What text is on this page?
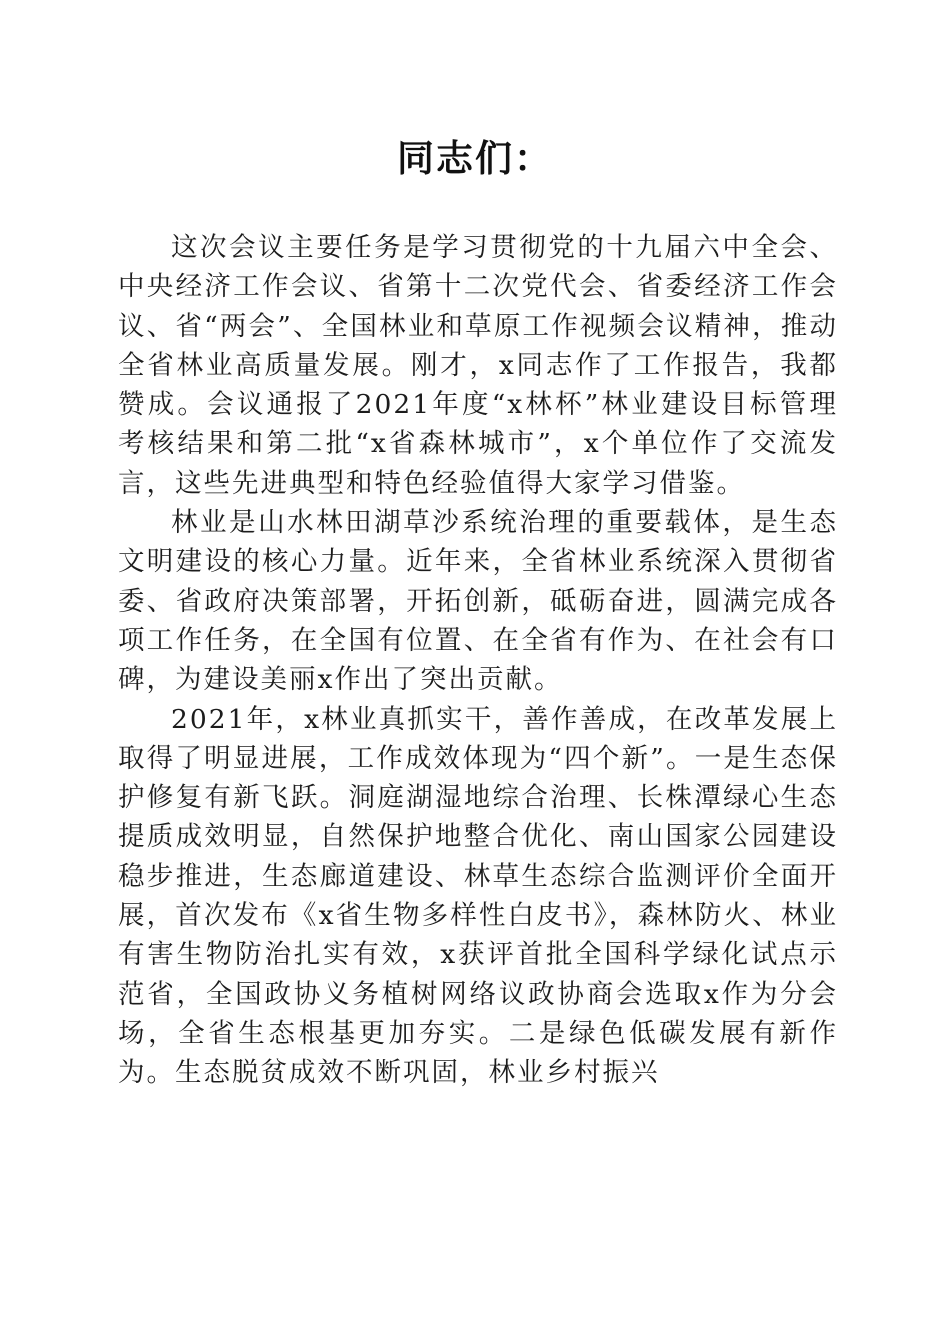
同志们：

这次会议主要任务是学习贯彻党的十九届六中全会、中央经济工作会议、省第十二次党代会、省委经济工作会议、省“两会”、全国林业和草原工作视频会议精神，推动全省林业高质量发展。刚才，x同志作了工作报告，我都赞成。会议通报了2021年度“x林杯”林业建设目标管理考核结果和第二批“x省森林城市”，x个单位作了交流发言，这些先进典型和特色经验值得大家学习借鉴。

林业是山水林田湖草沙系统治理的重要载体，是生态文明建设的核心力量。近年来，全省林业系统深入贯彻省委、省政府决策部署，开拓创新，砥砺奋进，圆满完成各项工作任务，在全国有位置、在全省有作为、在社会有口碑，为建设美丽x作出了突出贡献。

2021年，x林业真抓实干，善作善成，在改革发展上取得了明显进展，工作成效体现为“四个新”。一是生态保护修复有新飞跃。洞庭湖湿地综合治理、长株潭绿心生态提质成效明显，自然保护地整合优化、南山国家公园建设稳步推进，生态廊道建设、林草生态综合监测评价全面开展，首次发布《x省生物多样性白皮书》，森林防火、林业有害生物防治扎实有效，x获评首批全国科学绿化试点示范省，全国政协义务植树网络议政协商会选取x作为分会场，全省生态根基更加夯实。二是绿色低碳发展有新作为。生态脱贫成效不断巩固，林业乡村振兴
